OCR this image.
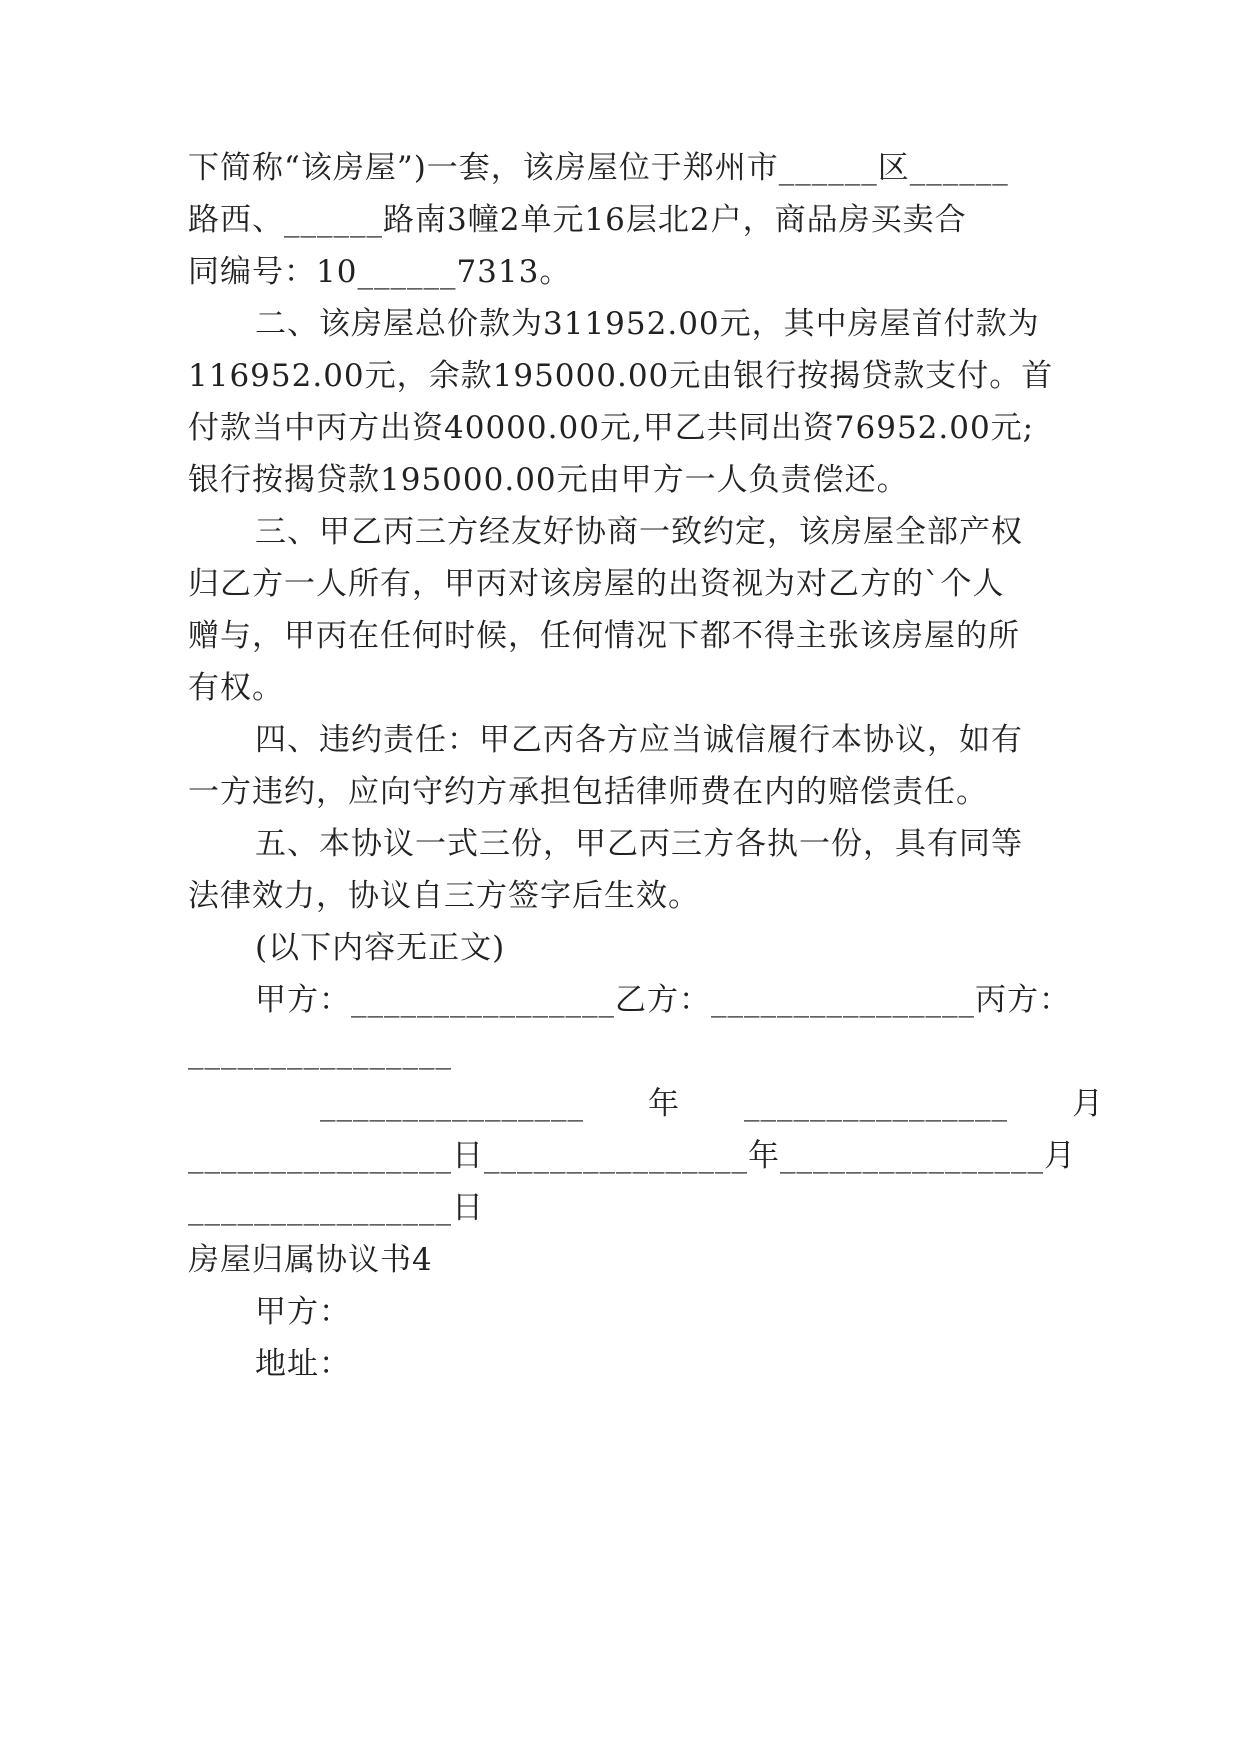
下简称“该房屋”)一套，该房屋位于郑州市______区______
路西、______路南3幢2单元16层北2户，商品房买卖合
同编号：10______7313。
二、该房屋总价款为311952.00元，其中房屋首付款为
116952.00元，余款195000.00元由银行按揭贷款支付。首
付款当中丙方出资40000.00元,甲乙共同出资76952.00元;
银行按揭贷款195000.00元由甲方一人负责偿还。
三、甲乙丙三方经友好协商一致约定，该房屋全部产权
归乙方一人所有，甲丙对该房屋的出资视为对乙方的`个人
赠与，甲丙在任何时候，任何情况下都不得主张该房屋的所
有权。
四、违约责任：甲乙丙各方应当诚信履行本协议，如有
一方违约，应向守约方承担包括律师费在内的赔偿责任。
五、本协议一式三份，甲乙丙三方各执一份，具有同等
法律效力，协议自三方签字后生效。
(以下内容无正文)
甲方：________________乙方：________________丙方：
________________
________________　　年　　________________　　月
________________日________________年________________月
________________日
房屋归属协议书4
甲方：
地址：
